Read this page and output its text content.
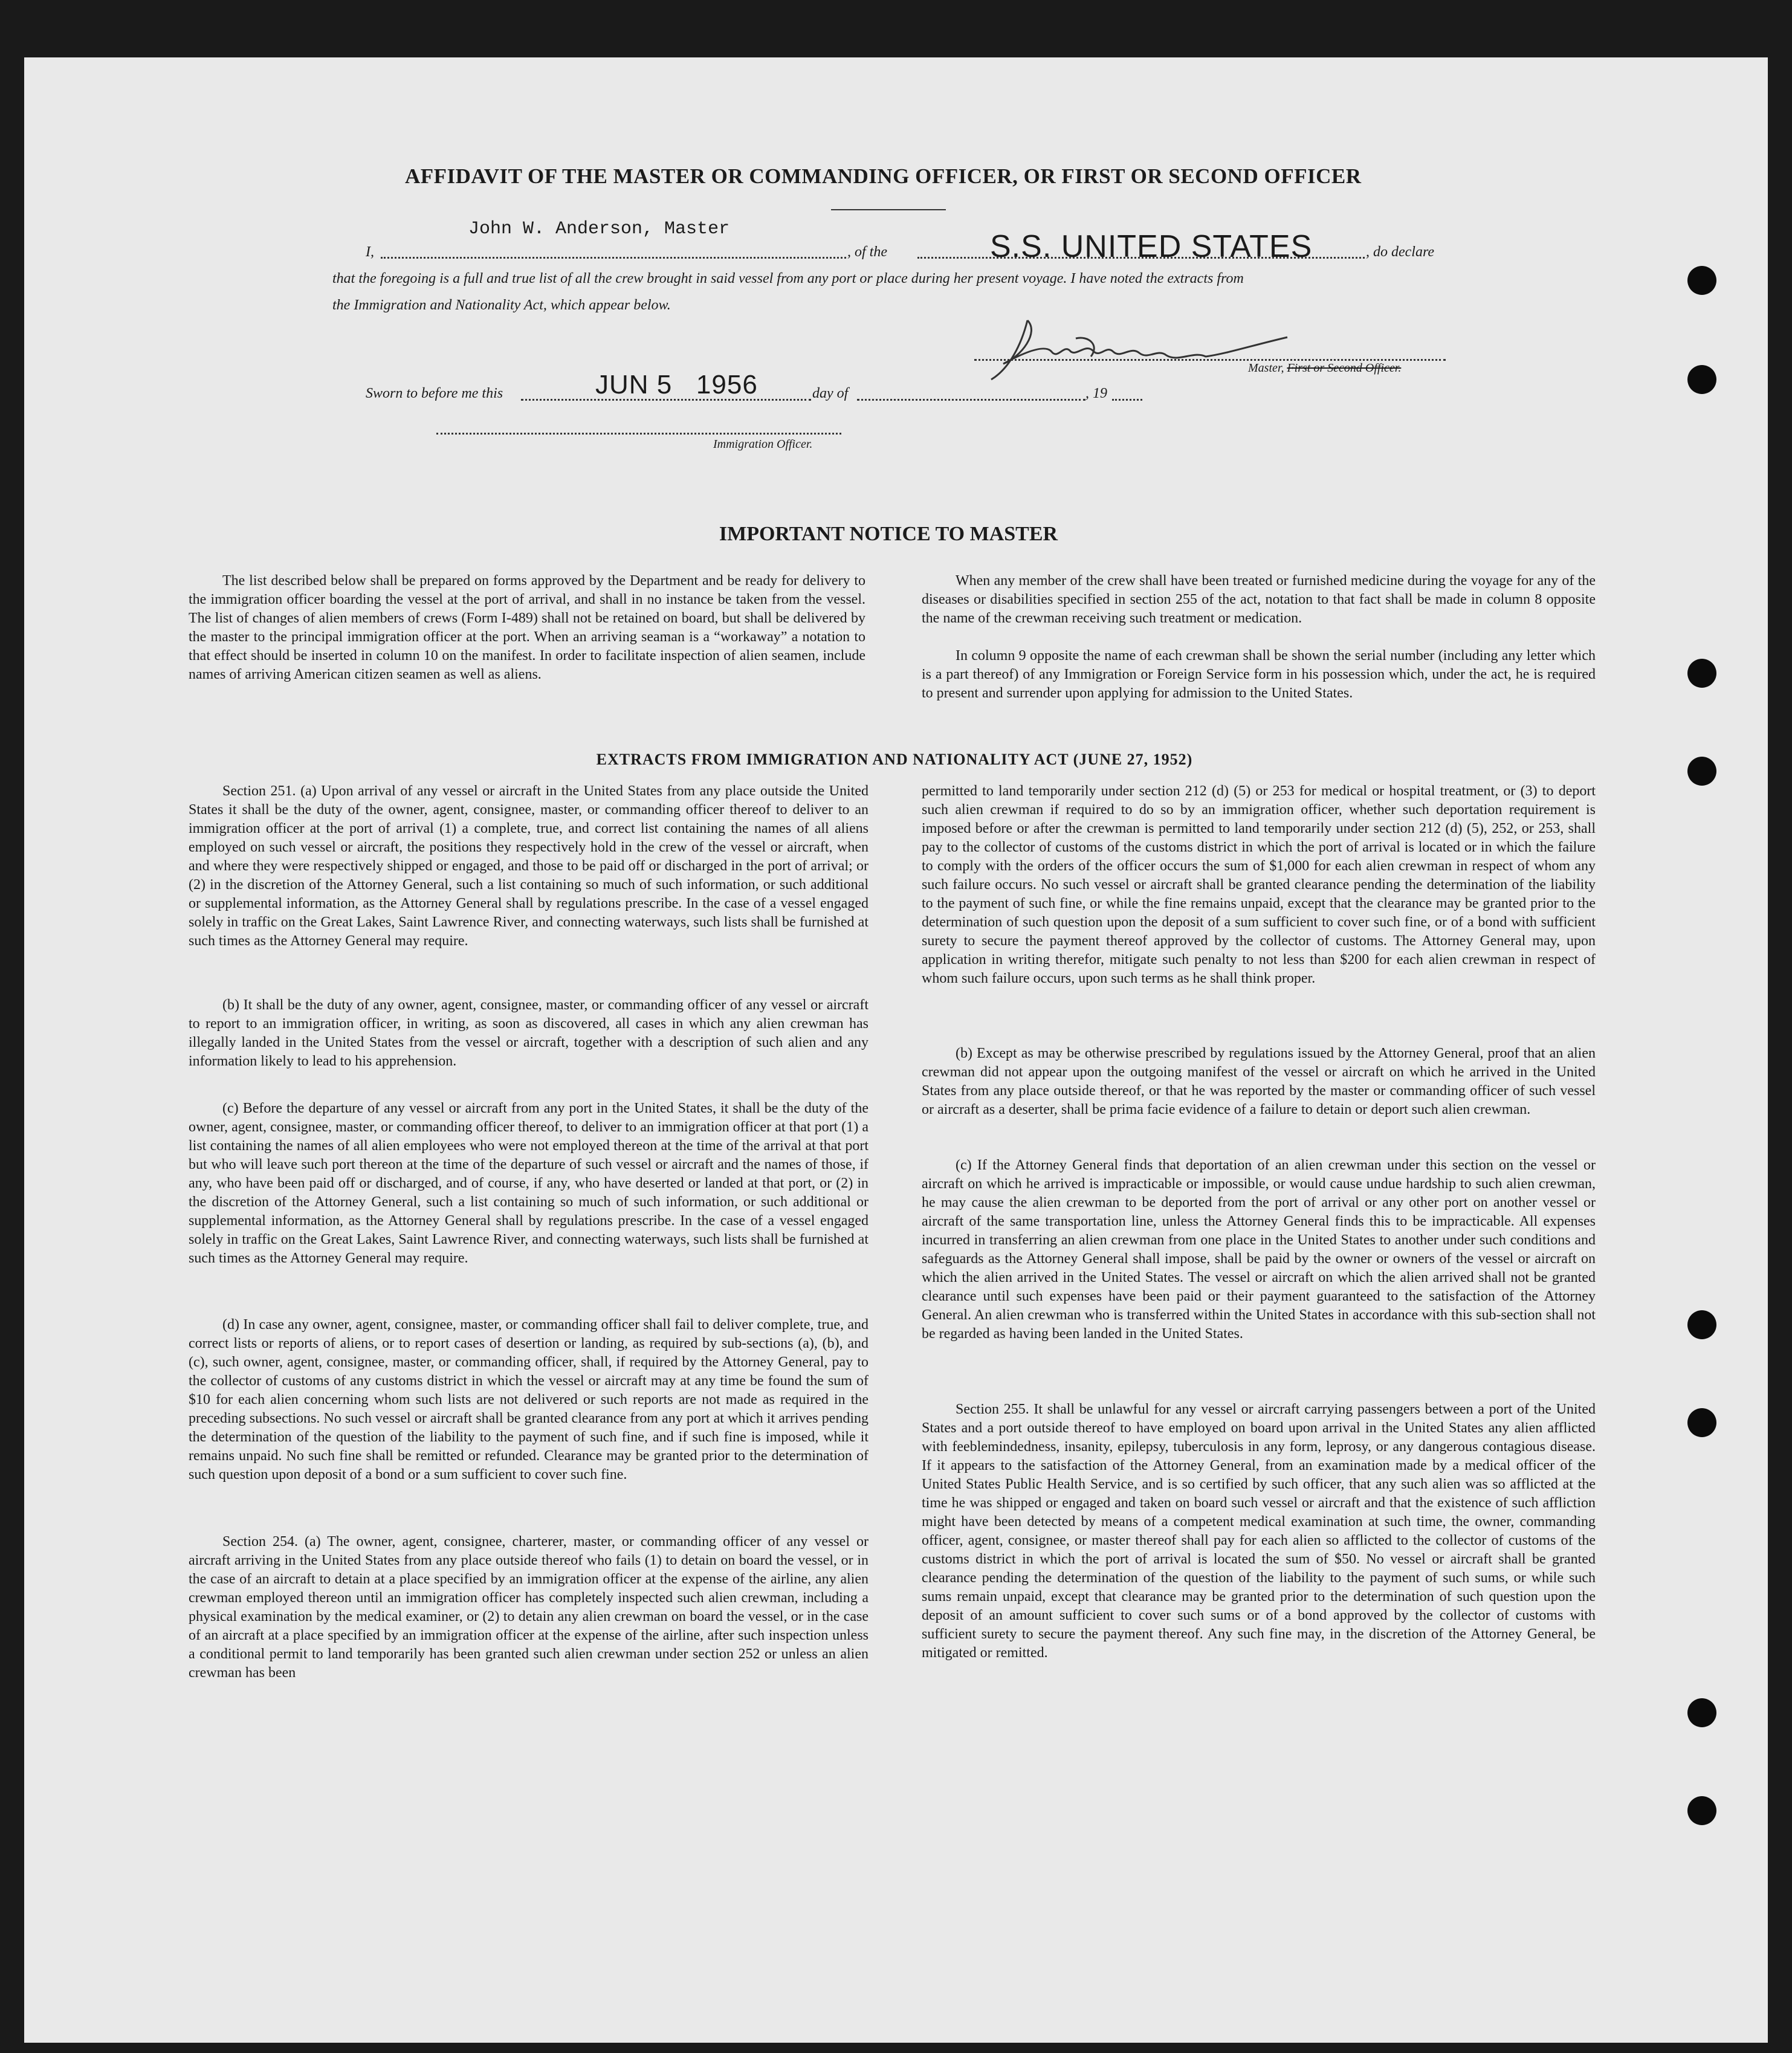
AFFIDAVIT OF THE MASTER OR COMMANDING OFFICER, OR FIRST OR SECOND OFFICER
John W. Anderson, Master
I,	, of the	S.S. UNITED STATES	, do declare
that the foregoing is a full and true list of all the crew brought in said vessel from any port or place during her present voyage. I have noted the extracts from
the Immigration and Nationality Act, which appear below.
Master, First or Second Officer.
Sworn to before me this	JUN 5   1956	day of	, 19
Immigration Officer.
IMPORTANT NOTICE TO MASTER

The list described below shall be prepared on forms approved by the Department and be ready for delivery to the immigration officer boarding the vessel at the port of arrival, and shall in no instance be taken from the vessel. The list of changes of alien members of crews (Form I-489) shall not be retained on board, but shall be delivered by the master to the principal immigration officer at the port. When an arriving seaman is a “workaway” a notation to that effect should be inserted in column 10 on the manifest. In order to facilitate inspection of alien seamen, include names of arriving American citizen seamen as well as aliens.

When any member of the crew shall have been treated or furnished medicine during the voyage for any of the diseases or disabilities specified in section 255 of the act, notation to that fact shall be made in column 8 opposite the name of the crewman receiving such treatment or medication.

In column 9 opposite the name of each crewman shall be shown the serial number (including any letter which is a part thereof) of any Immigration or Foreign Service form in his possession which, under the act, he is required to present and surrender upon applying for admission to the United States.

EXTRACTS FROM IMMIGRATION AND NATIONALITY ACT (JUNE 27, 1952)

Section 251. (a) Upon arrival of any vessel or aircraft in the United States from any place outside the United States it shall be the duty of the owner, agent, consignee, master, or commanding officer thereof to deliver to an immigration officer at the port of arrival (1) a complete, true, and correct list containing the names of all aliens employed on such vessel or aircraft, the positions they respectively hold in the crew of the vessel or aircraft, when and where they were respectively shipped or engaged, and those to be paid off or discharged in the port of arrival; or (2) in the discretion of the Attorney General, such a list containing so much of such information, or such additional or supplemental information, as the Attorney General shall by regulations prescribe. In the case of a vessel engaged solely in traffic on the Great Lakes, Saint Lawrence River, and connecting waterways, such lists shall be furnished at such times as the Attorney General may require.

(b) It shall be the duty of any owner, agent, consignee, master, or commanding officer of any vessel or aircraft to report to an immigration officer, in writing, as soon as discovered, all cases in which any alien crewman has illegally landed in the United States from the vessel or aircraft, together with a description of such alien and any information likely to lead to his apprehension.

(c) Before the departure of any vessel or aircraft from any port in the United States, it shall be the duty of the owner, agent, consignee, master, or commanding officer thereof, to deliver to an immigration officer at that port (1) a list containing the names of all alien employees who were not employed thereon at the time of the arrival at that port but who will leave such port thereon at the time of the departure of such vessel or aircraft and the names of those, if any, who have been paid off or discharged, and of course, if any, who have deserted or landed at that port, or (2) in the discretion of the Attorney General, such a list containing so much of such information, or such additional or supplemental information, as the Attorney General shall by regulations prescribe. In the case of a vessel engaged solely in traffic on the Great Lakes, Saint Lawrence River, and connecting waterways, such lists shall be furnished at such times as the Attorney General may require.

(d) In case any owner, agent, consignee, master, or commanding officer shall fail to deliver complete, true, and correct lists or reports of aliens, or to report cases of desertion or landing, as required by sub-sections (a), (b), and (c), such owner, agent, consignee, master, or commanding officer, shall, if required by the Attorney General, pay to the collector of customs of any customs district in which the vessel or aircraft may at any time be found the sum of $10 for each alien concerning whom such lists are not delivered or such reports are not made as required in the preceding subsections. No such vessel or aircraft shall be granted clearance from any port at which it arrives pending the determination of the question of the liability to the payment of such fine, and if such fine is imposed, while it remains unpaid. No such fine shall be remitted or refunded. Clearance may be granted prior to the determination of such question upon deposit of a bond or a sum sufficient to cover such fine.

Section 254. (a) The owner, agent, consignee, charterer, master, or commanding officer of any vessel or aircraft arriving in the United States from any place outside thereof who fails (1) to detain on board the vessel, or in the case of an aircraft to detain at a place specified by an immigration officer at the expense of the airline, any alien crewman employed thereon until an immigration officer has completely inspected such alien crewman, including a physical examination by the medical examiner, or (2) to detain any alien crewman on board the vessel, or in the case of an aircraft at a place specified by an immigration officer at the expense of the airline, after such inspection unless a conditional permit to land temporarily has been granted such alien crewman under section 252 or unless an alien crewman has been

permitted to land temporarily under section 212 (d) (5) or 253 for medical or hospital treatment, or (3) to deport such alien crewman if required to do so by an immigration officer, whether such deportation requirement is imposed before or after the crewman is permitted to land temporarily under section 212 (d) (5), 252, or 253, shall pay to the collector of customs of the customs district in which the port of arrival is located or in which the failure to comply with the orders of the officer occurs the sum of $1,000 for each alien crewman in respect of whom any such failure occurs. No such vessel or aircraft shall be granted clearance pending the determination of the liability to the payment of such fine, or while the fine remains unpaid, except that the clearance may be granted prior to the determination of such question upon the deposit of a sum sufficient to cover such fine, or of a bond with sufficient surety to secure the payment thereof approved by the collector of customs. The Attorney General may, upon application in writing therefor, mitigate such penalty to not less than $200 for each alien crewman in respect of whom such failure occurs, upon such terms as he shall think proper.

(b) Except as may be otherwise prescribed by regulations issued by the Attorney General, proof that an alien crewman did not appear upon the outgoing manifest of the vessel or aircraft on which he arrived in the United States from any place outside thereof, or that he was reported by the master or commanding officer of such vessel or aircraft as a deserter, shall be prima facie evidence of a failure to detain or deport such alien crewman.

(c) If the Attorney General finds that deportation of an alien crewman under this section on the vessel or aircraft on which he arrived is impracticable or impossible, or would cause undue hardship to such alien crewman, he may cause the alien crewman to be deported from the port of arrival or any other port on another vessel or aircraft of the same transportation line, unless the Attorney General finds this to be impracticable. All expenses incurred in transferring an alien crewman from one place in the United States to another under such conditions and safeguards as the Attorney General shall impose, shall be paid by the owner or owners of the vessel or aircraft on which the alien arrived in the United States. The vessel or aircraft on which the alien arrived shall not be granted clearance until such expenses have been paid or their payment guaranteed to the satisfaction of the Attorney General. An alien crewman who is transferred within the United States in accordance with this sub-section shall not be regarded as having been landed in the United States.

Section 255. It shall be unlawful for any vessel or aircraft carrying passengers between a port of the United States and a port outside thereof to have employed on board upon arrival in the United States any alien afflicted with feeblemindedness, insanity, epilepsy, tuberculosis in any form, leprosy, or any dangerous contagious disease. If it appears to the satisfaction of the Attorney General, from an examination made by a medical officer of the United States Public Health Service, and is so certified by such officer, that any such alien was so afflicted at the time he was shipped or engaged and taken on board such vessel or aircraft and that the existence of such affliction might have been detected by means of a competent medical examination at such time, the owner, commanding officer, agent, consignee, or master thereof shall pay for each alien so afflicted to the collector of customs of the customs district in which the port of arrival is located the sum of $50. No vessel or aircraft shall be granted clearance pending the determination of the question of the liability to the payment of such sums, or while such sums remain unpaid, except that clearance may be granted prior to the determination of such question upon the deposit of an amount sufficient to cover such sums or of a bond approved by the collector of customs with sufficient surety to secure the payment thereof. Any such fine may, in the discretion of the Attorney General, be mitigated or remitted.
